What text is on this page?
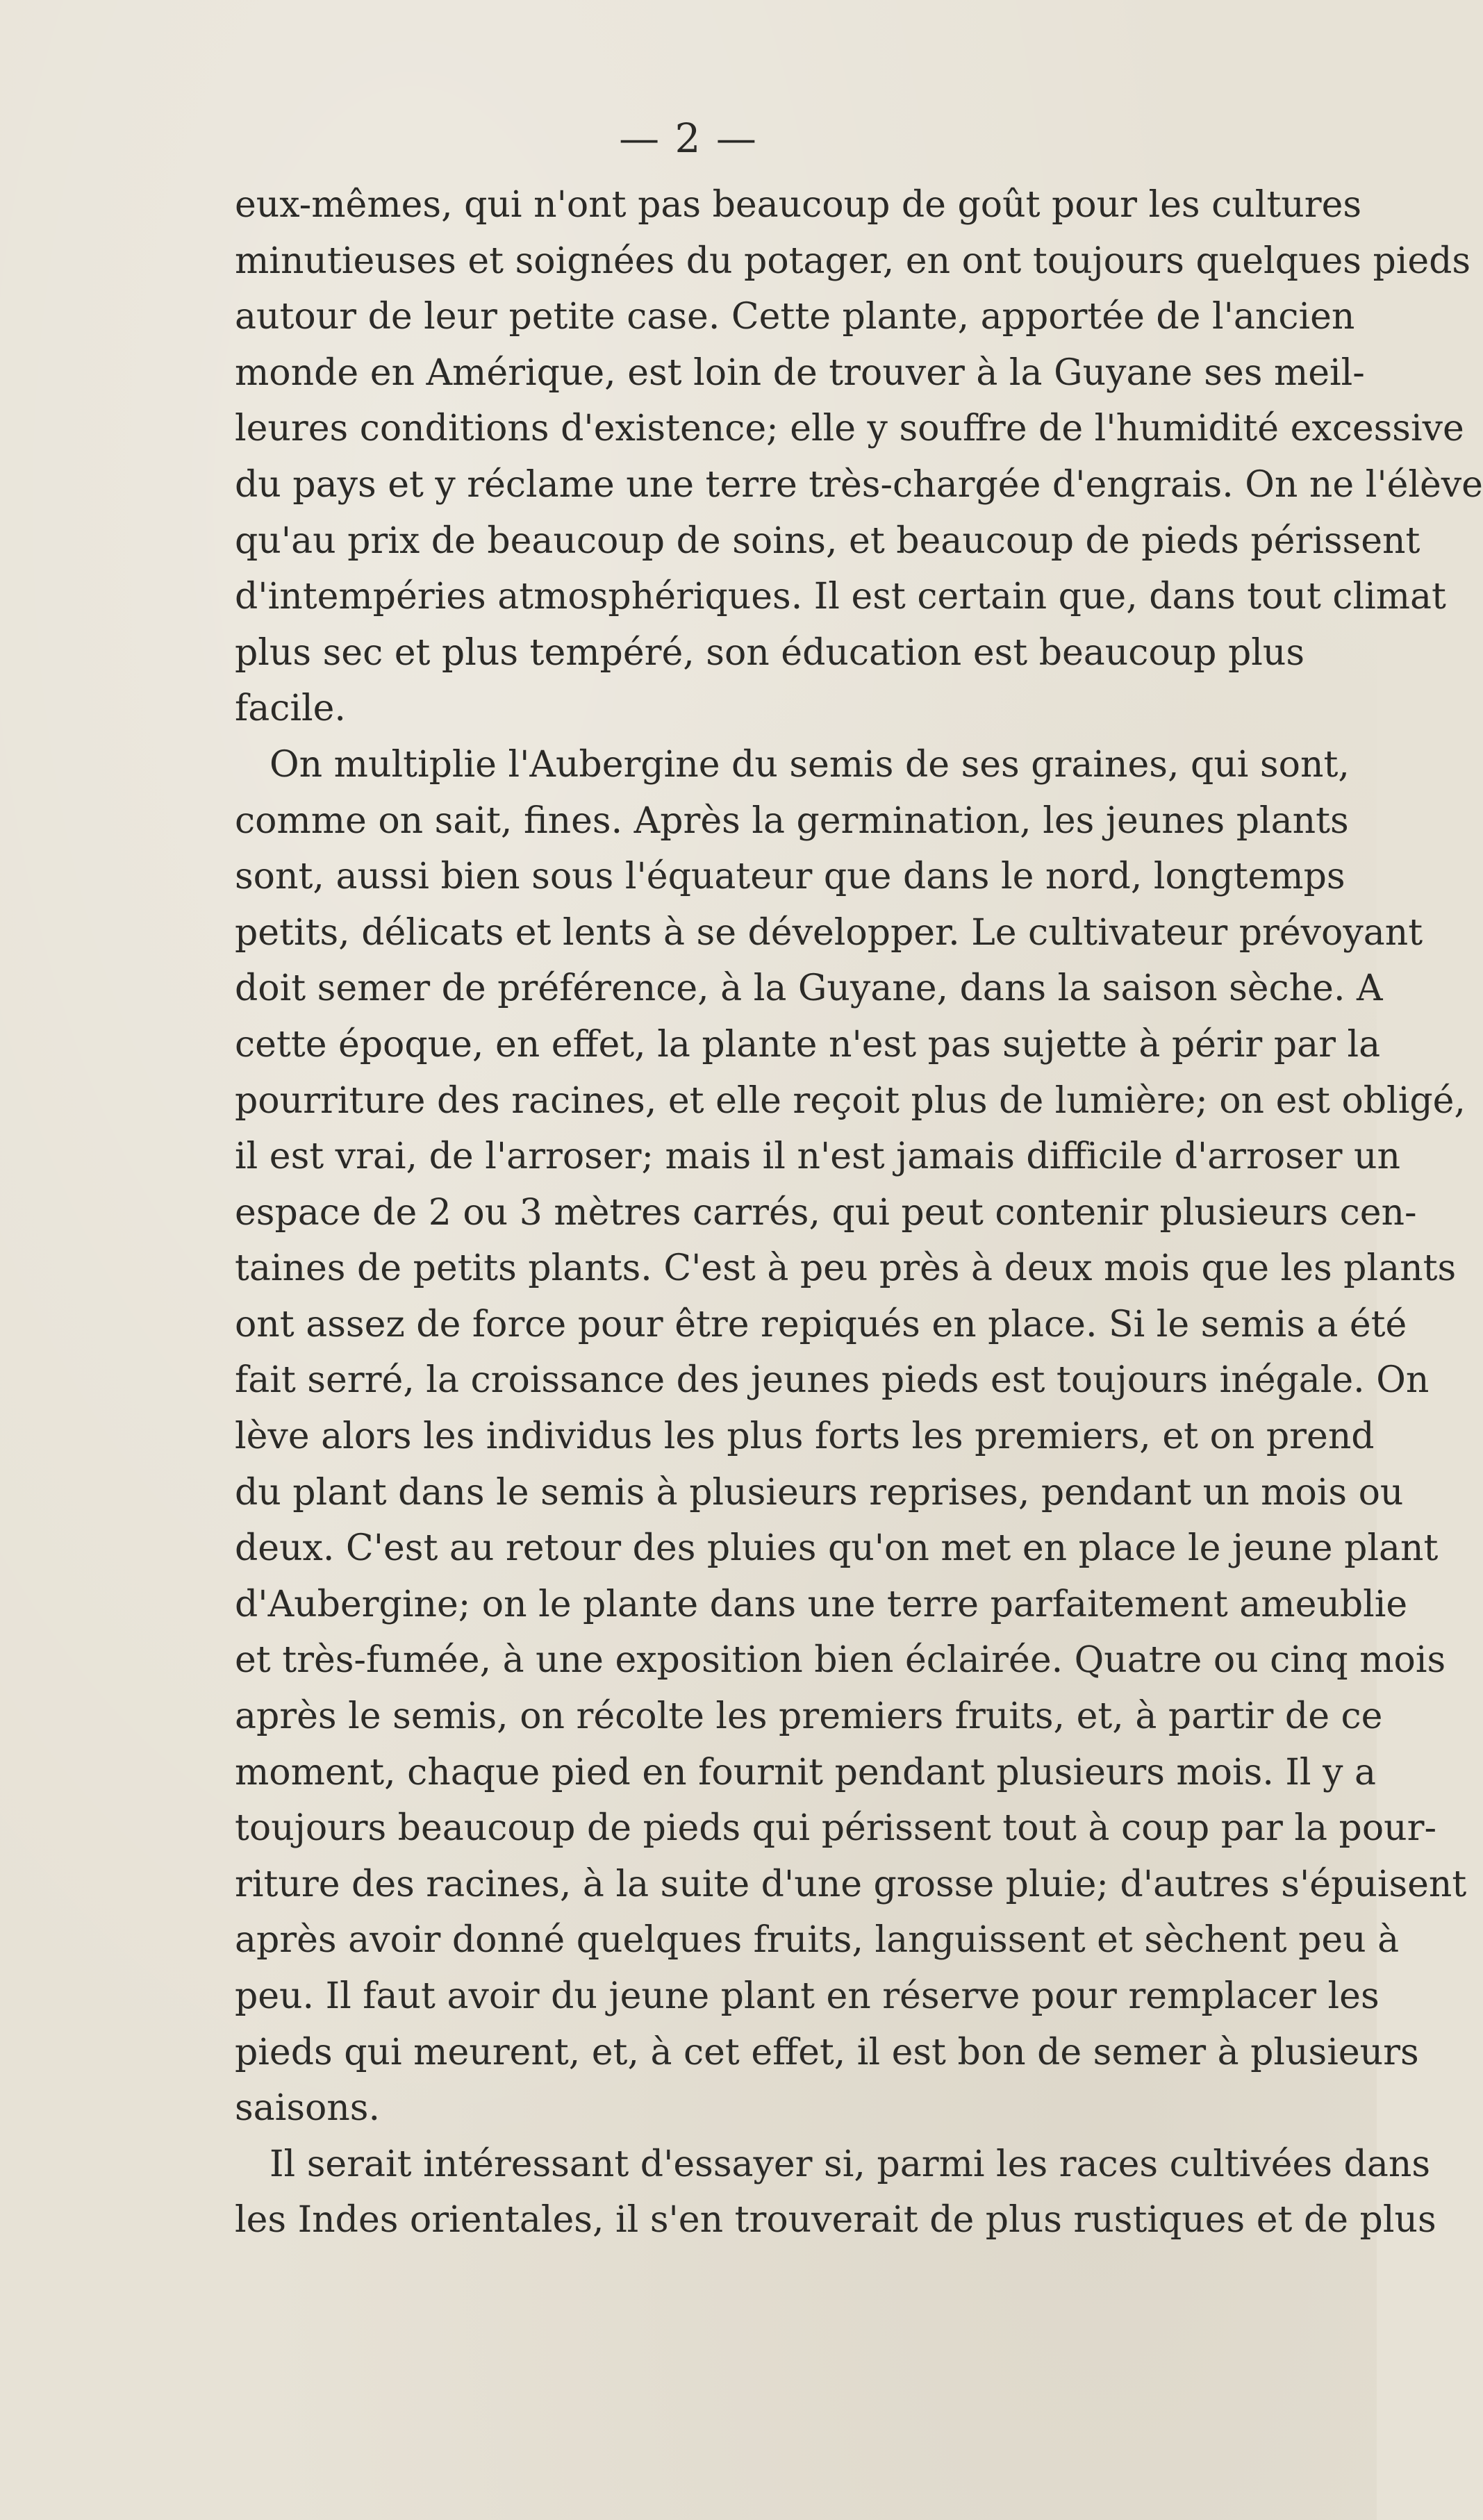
— 2 —
eux-mêmes, qui n'ont pas beaucoup de goût pour les cultures
minutieuses et soignées du potager, en ont toujours quelques pieds
autour de leur petite case. Cette plante, apportée de l'ancien
monde en Amérique, est loin de trouver à la Guyane ses meil-
leures conditions d'existence; elle y souffre de l'humidité excessive
du pays et y réclame une terre très-chargée d'engrais. On ne l'élève
qu'au prix de beaucoup de soins, et beaucoup de pieds périssent
d'intempéries atmosphériques. Il est certain que, dans tout climat
plus sec et plus tempéré, son éducation est beaucoup plus
facile.
On multiplie l'Aubergine du semis de ses graines, qui sont,
comme on sait, fines. Après la germination, les jeunes plants
sont, aussi bien sous l'équateur que dans le nord, longtemps
petits, délicats et lents à se développer. Le cultivateur prévoyant
doit semer de préférence, à la Guyane, dans la saison sèche. A
cette époque, en effet, la plante n'est pas sujette à périr par la
pourriture des racines, et elle reçoit plus de lumière; on est obligé,
il est vrai, de l'arroser; mais il n'est jamais difficile d'arroser un
espace de 2 ou 3 mètres carrés, qui peut contenir plusieurs cen-
taines de petits plants. C'est à peu près à deux mois que les plants
ont assez de force pour être repiqués en place. Si le semis a été
fait serré, la croissance des jeunes pieds est toujours inégale. On
lève alors les individus les plus forts les premiers, et on prend
du plant dans le semis à plusieurs reprises, pendant un mois ou
deux. C'est au retour des pluies qu'on met en place le jeune plant
d'Aubergine; on le plante dans une terre parfaitement ameublie
et très-fumée, à une exposition bien éclairée. Quatre ou cinq mois
après le semis, on récolte les premiers fruits, et, à partir de ce
moment, chaque pied en fournit pendant plusieurs mois. Il y a
toujours beaucoup de pieds qui périssent tout à coup par la pour-
riture des racines, à la suite d'une grosse pluie; d'autres s'épuisent
après avoir donné quelques fruits, languissent et sèchent peu à
peu. Il faut avoir du jeune plant en réserve pour remplacer les
pieds qui meurent, et, à cet effet, il est bon de semer à plusieurs
saisons.
Il serait intéressant d'essayer si, parmi les races cultivées dans
les Indes orientales, il s'en trouverait de plus rustiques et de plus
